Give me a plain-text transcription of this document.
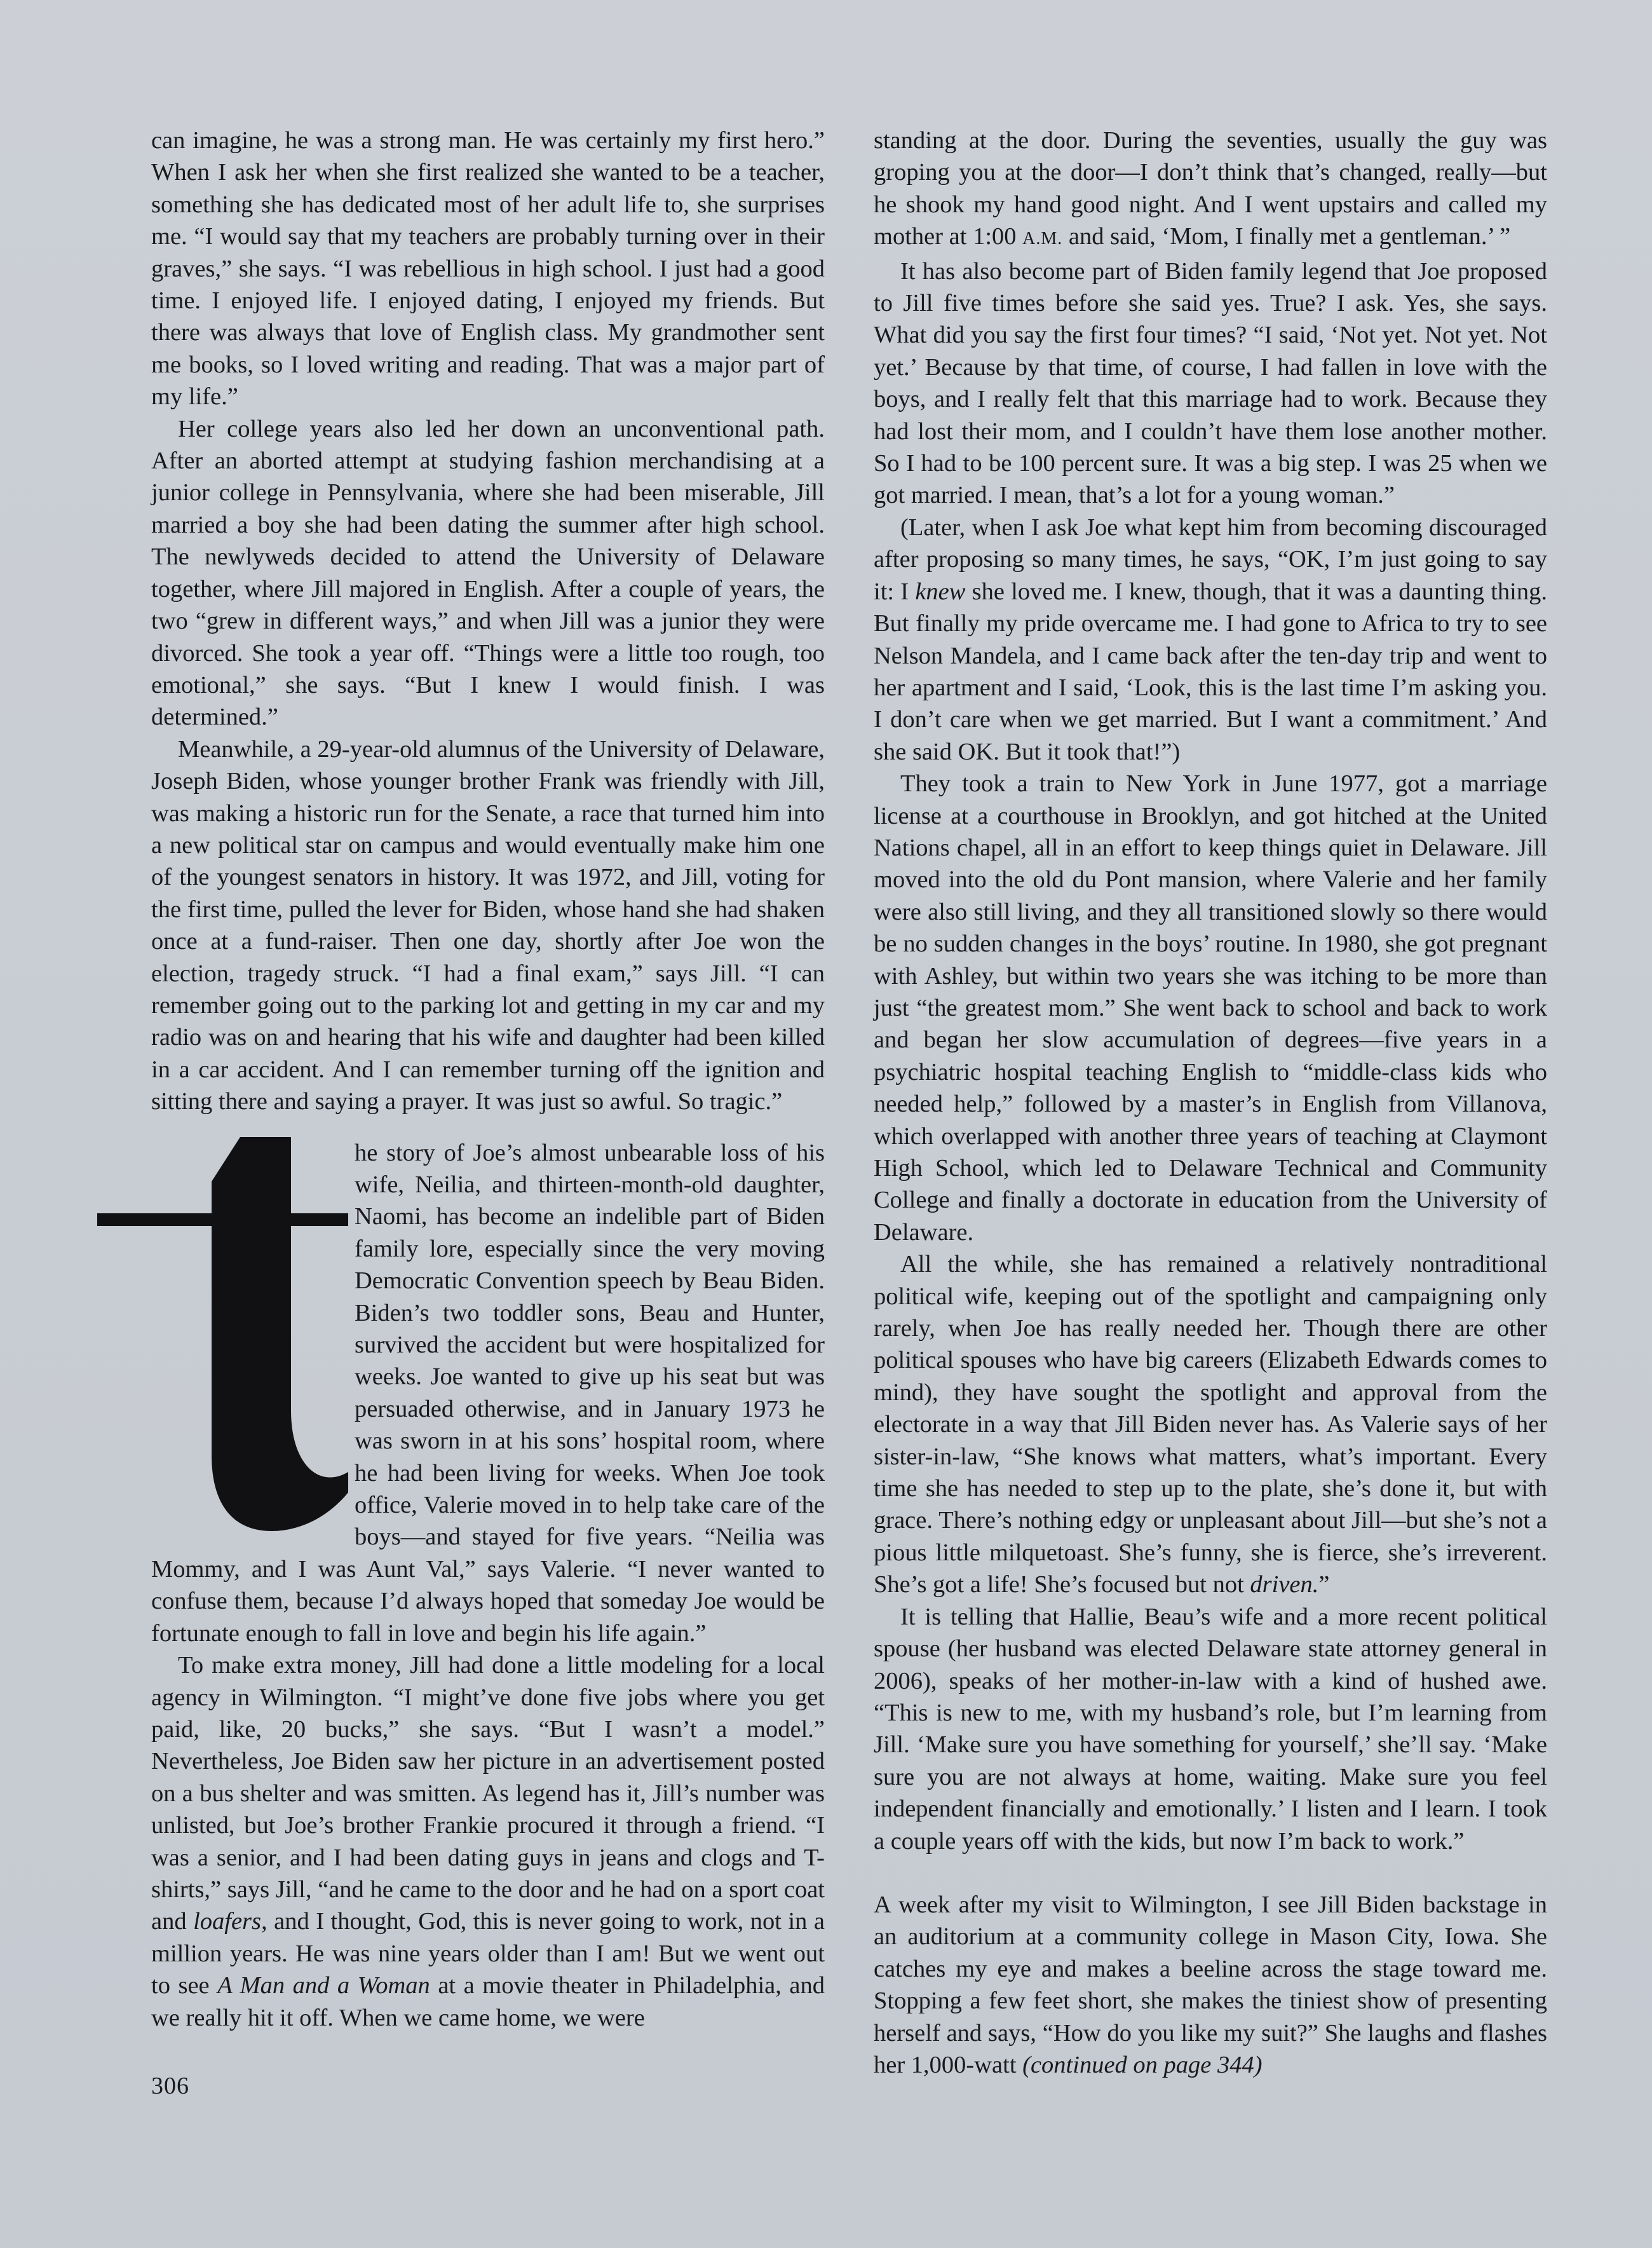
can imagine, he was a strong man. He was certainly my first hero.” When I ask her when she first realized she wanted to be a teacher, something she has dedicated most of her adult life to, she surprises me. “I would say that my teachers are probably turning over in their graves,” she says. “I was rebellious in high school. I just had a good time. I enjoyed life. I enjoyed dating, I enjoyed my friends. But there was always that love of English class. My grandmother sent me books, so I loved writing and reading. That was a major part of my life.”

Her college years also led her down an unconventional path. After an aborted attempt at studying fashion merchandising at a junior college in Pennsylvania, where she had been miserable, Jill married a boy she had been dating the summer after high school. The newlyweds decided to attend the University of Delaware together, where Jill majored in English. After a couple of years, the two “grew in different ways,” and when Jill was a junior they were divorced. She took a year off. “Things were a little too rough, too emotional,” she says. “But I knew I would finish. I was determined.”

Meanwhile, a 29-year-old alumnus of the University of Delaware, Joseph Biden, whose younger brother Frank was friendly with Jill, was making a historic run for the Senate, a race that turned him into a new political star on campus and would eventually make him one of the youngest senators in history. It was 1972, and Jill, voting for the first time, pulled the lever for Biden, whose hand she had shaken once at a fund-raiser. Then one day, shortly after Joe won the election, tragedy struck. “I had a final exam,” says Jill. “I can remember going out to the parking lot and getting in my car and my radio was on and hearing that his wife and daughter had been killed in a car accident. And I can remember turning off the ignition and sitting there and saying a prayer. It was just so awful. So tragic.”

he story of Joe’s almost unbearable loss of his wife, Neilia, and thirteen-month-old daughter, Naomi, has become an indelible part of Biden family lore, especially since the very moving Democratic Convention speech by Beau Biden. Biden’s two toddler sons, Beau and Hunter, survived the accident but were hospitalized for weeks. Joe wanted to give up his seat but was persuaded otherwise, and in January 1973 he was sworn in at his sons’ hospital room, where he had been living for weeks. When Joe took office, Valerie moved in to help take care of the boys—and stayed for five years. “Neilia was Mommy, and I was Aunt Val,” says Valerie. “I never wanted to confuse them, because I’d always hoped that someday Joe would be fortunate enough to fall in love and begin his life again.”

To make extra money, Jill had done a little modeling for a local agency in Wilmington. “I might’ve done five jobs where you get paid, like, 20 bucks,” she says. “But I wasn’t a model.” Nevertheless, Joe Biden saw her picture in an advertisement posted on a bus shelter and was smitten. As legend has it, Jill’s number was unlisted, but Joe’s brother Frankie procured it through a friend. “I was a senior, and I had been dating guys in jeans and clogs and T-shirts,” says Jill, “and he came to the door and he had on a sport coat and loafers, and I thought, God, this is never going to work, not in a million years. He was nine years older than I am! But we went out to see A Man and a Woman at a movie theater in Philadelphia, and we really hit it off. When we came home, we were

standing at the door. During the seventies, usually the guy was groping you at the door—I don’t think that’s changed, really—but he shook my hand good night. And I went upstairs and called my mother at 1:00 A.M. and said, ‘Mom, I finally met a gentleman.’ ”

It has also become part of Biden family legend that Joe proposed to Jill five times before she said yes. True? I ask. Yes, she says. What did you say the first four times? “I said, ‘Not yet. Not yet. Not yet.’ Because by that time, of course, I had fallen in love with the boys, and I really felt that this marriage had to work. Because they had lost their mom, and I couldn’t have them lose another mother. So I had to be 100 percent sure. It was a big step. I was 25 when we got married. I mean, that’s a lot for a young woman.”

(Later, when I ask Joe what kept him from becoming discouraged after proposing so many times, he says, “OK, I’m just going to say it: I knew she loved me. I knew, though, that it was a daunting thing. But finally my pride overcame me. I had gone to Africa to try to see Nelson Mandela, and I came back after the ten-day trip and went to her apartment and I said, ‘Look, this is the last time I’m asking you. I don’t care when we get married. But I want a commitment.’ And she said OK. But it took that!”)

They took a train to New York in June 1977, got a marriage license at a courthouse in Brooklyn, and got hitched at the United Nations chapel, all in an effort to keep things quiet in Delaware. Jill moved into the old du Pont mansion, where Valerie and her family were also still living, and they all transitioned slowly so there would be no sudden changes in the boys’ routine. In 1980, she got pregnant with Ashley, but within two years she was itching to be more than just “the greatest mom.” She went back to school and back to work and began her slow accumulation of degrees—five years in a psychiatric hospital teaching English to “middle-class kids who needed help,” followed by a master’s in English from Villanova, which overlapped with another three years of teaching at Claymont High School, which led to Delaware Technical and Community College and finally a doctorate in education from the University of Delaware.

All the while, she has remained a relatively nontraditional political wife, keeping out of the spotlight and campaigning only rarely, when Joe has really needed her. Though there are other political spouses who have big careers (Elizabeth Edwards comes to mind), they have sought the spotlight and approval from the electorate in a way that Jill Biden never has. As Valerie says of her sister-in-law, “She knows what matters, what’s important. Every time she has needed to step up to the plate, she’s done it, but with grace. There’s nothing edgy or unpleasant about Jill—but she’s not a pious little milquetoast. She’s funny, she is fierce, she’s irreverent. She’s got a life! She’s focused but not driven.”

It is telling that Hallie, Beau’s wife and a more recent political spouse (her husband was elected Delaware state attorney general in 2006), speaks of her mother-in-law with a kind of hushed awe. “This is new to me, with my husband’s role, but I’m learning from Jill. ‘Make sure you have something for yourself,’ she’ll say. ‘Make sure you are not always at home, waiting. Make sure you feel independent financially and emotionally.’ I listen and I learn. I took a couple years off with the kids, but now I’m back to work.”

A week after my visit to Wilmington, I see Jill Biden backstage in an auditorium at a community college in Mason City, Iowa. She catches my eye and makes a beeline across the stage toward me. Stopping a few feet short, she makes the tiniest show of presenting herself and says, “How do you like my suit?” She laughs and flashes her 1,000-watt (continued on page 344)

306
